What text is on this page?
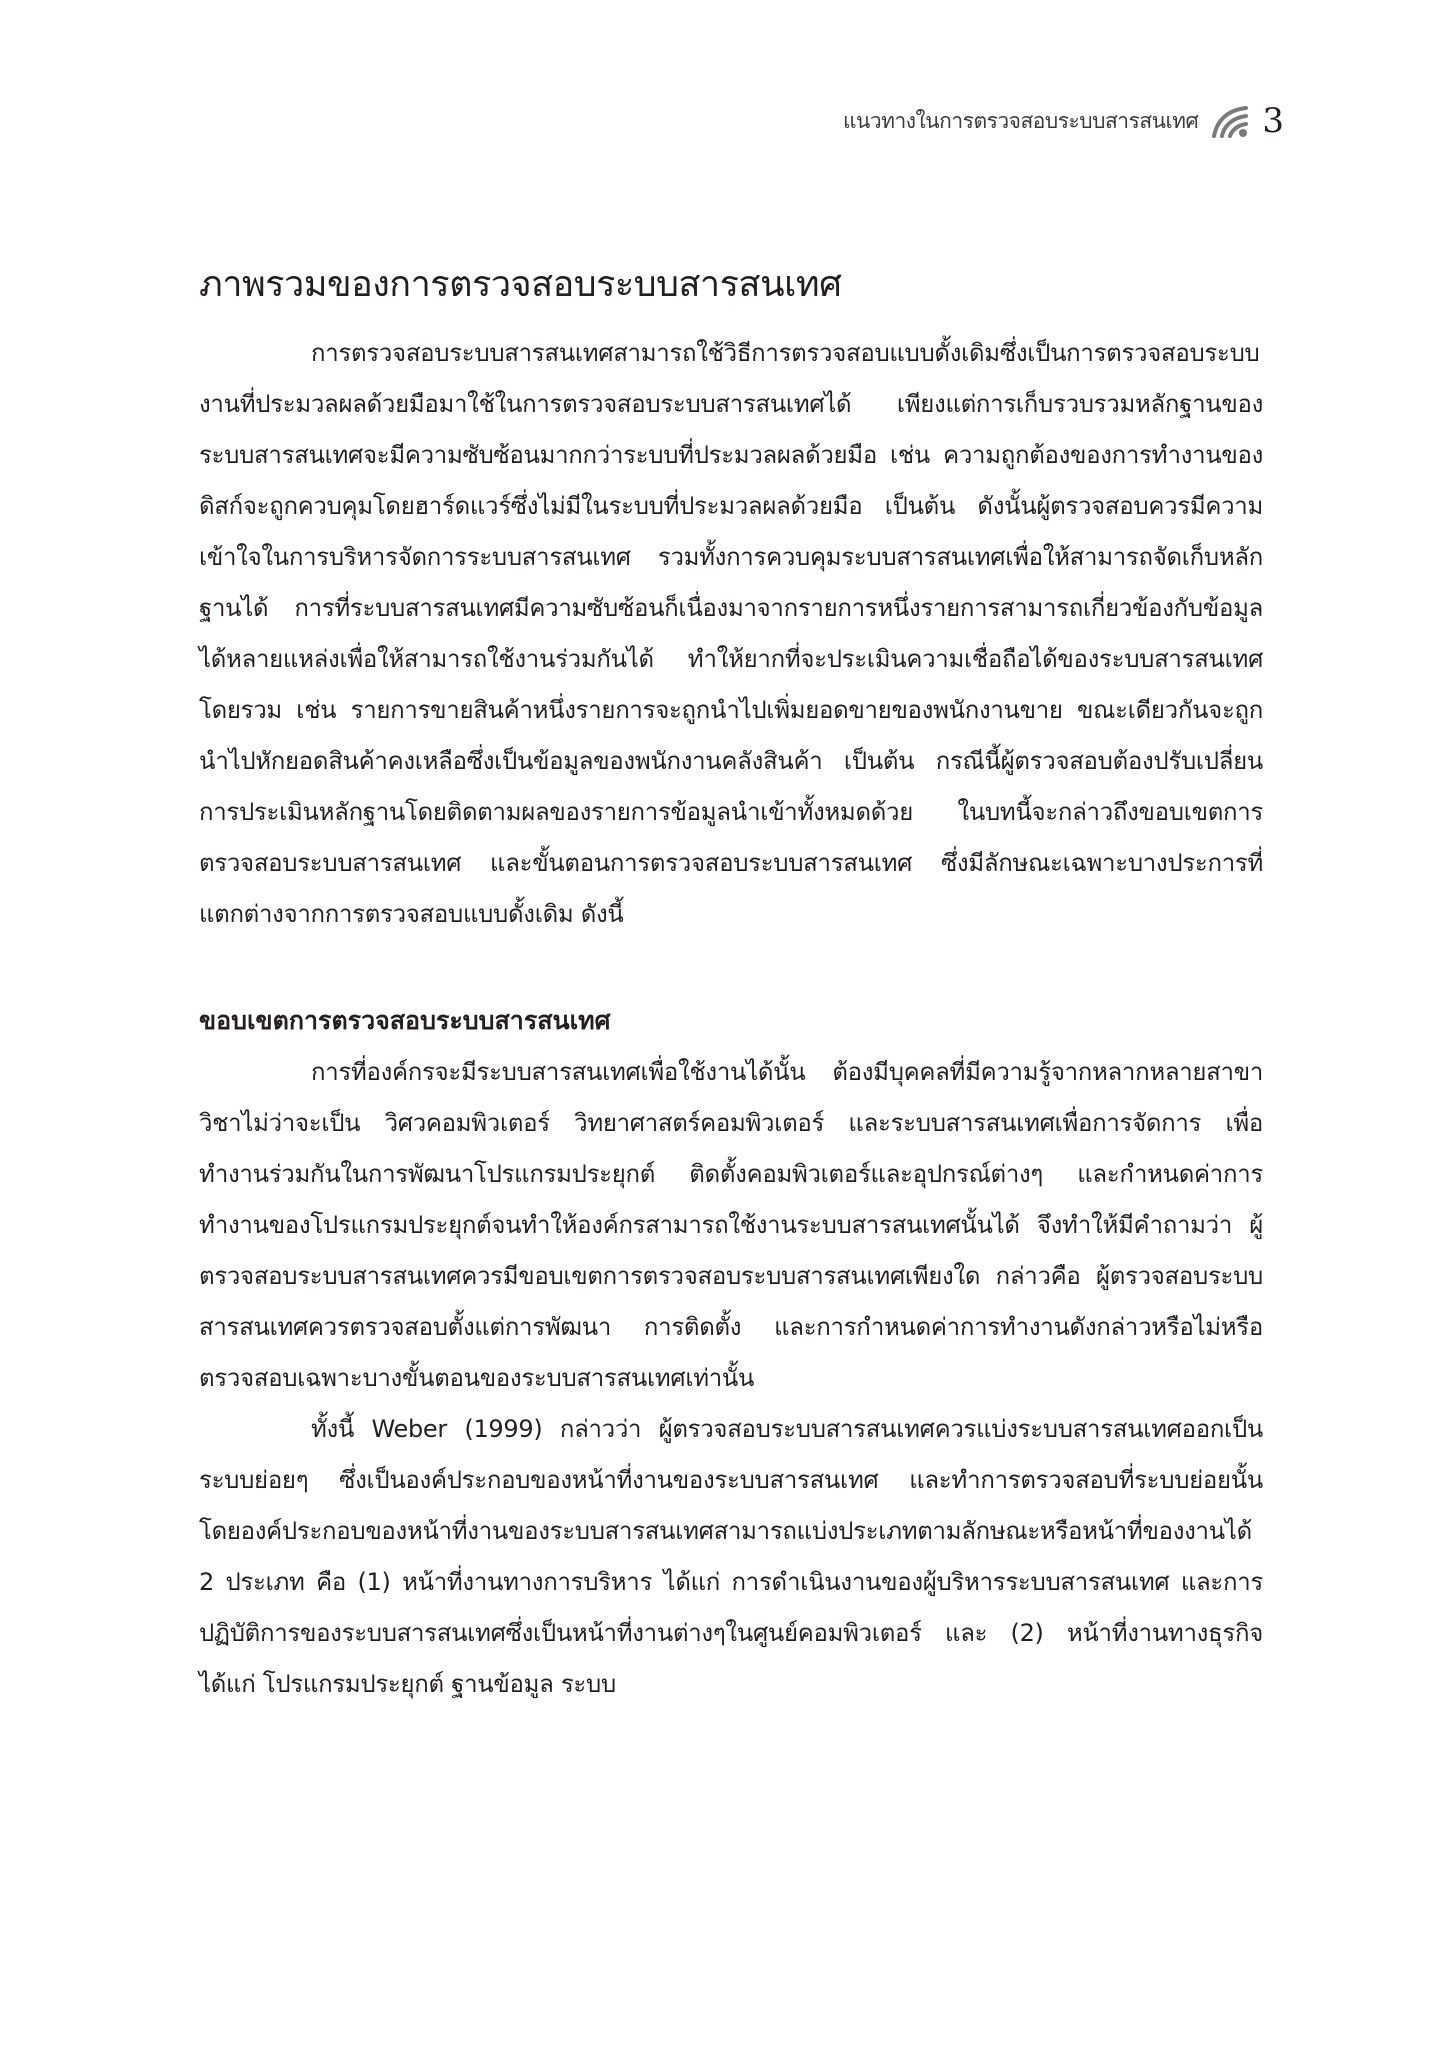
แนวทางในการตรวจสอบระบบสารสนเทศ 3
ภาพรวมของการตรวจสอบระบบสารสนเทศ

การตรวจสอบระบบสารสนเทศสามารถใช้วิธีการตรวจสอบแบบดั้งเดิมซึ่งเป็นการตรวจสอบระบบงานที่ประมวลผลด้วยมือมาใช้ในการตรวจสอบระบบสารสนเทศได้ เพียงแต่การเก็บรวบรวมหลักฐานของระบบสารสนเทศจะมีความซับซ้อนมากกว่าระบบที่ประมวลผลด้วยมือ เช่น ความถูกต้องของการทำงานของดิสก์จะถูกควบคุมโดยฮาร์ดแวร์ซึ่งไม่มีในระบบที่ประมวลผลด้วยมือ เป็นต้น ดังนั้นผู้ตรวจสอบควรมีความเข้าใจในการบริหารจัดการระบบสารสนเทศ รวมทั้งการควบคุมระบบสารสนเทศเพื่อให้สามารถจัดเก็บหลักฐานได้ การที่ระบบสารสนเทศมีความซับซ้อนก็เนื่องมาจากรายการหนึ่งรายการสามารถเกี่ยวข้องกับข้อมูลได้หลายแหล่งเพื่อให้สามารถใช้งานร่วมกันได้ ทำให้ยากที่จะประเมินความเชื่อถือได้ของระบบสารสนเทศโดยรวม เช่น รายการขายสินค้าหนึ่งรายการจะถูกนำไปเพิ่มยอดขายของพนักงานขาย ขณะเดียวกันจะถูกนำไปหักยอดสินค้าคงเหลือซึ่งเป็นข้อมูลของพนักงานคลังสินค้า เป็นต้น กรณีนี้ผู้ตรวจสอบต้องปรับเปลี่ยนการประเมินหลักฐานโดยติดตามผลของรายการข้อมูลนำเข้าทั้งหมดด้วย ในบทนี้จะกล่าวถึงขอบเขตการตรวจสอบระบบสารสนเทศ และขั้นตอนการตรวจสอบระบบสารสนเทศ ซึ่งมีลักษณะเฉพาะบางประการที่แตกต่างจากการตรวจสอบแบบดั้งเดิม ดังนี้

ขอบเขตการตรวจสอบระบบสารสนเทศ

การที่องค์กรจะมีระบบสารสนเทศเพื่อใช้งานได้นั้น ต้องมีบุคคลที่มีความรู้จากหลากหลายสาขาวิชาไม่ว่าจะเป็น วิศวคอมพิวเตอร์ วิทยาศาสตร์คอมพิวเตอร์ และระบบสารสนเทศเพื่อการจัดการ เพื่อทำงานร่วมกันในการพัฒนาโปรแกรมประยุกต์ ติดตั้งคอมพิวเตอร์และอุปกรณ์ต่างๆ และกำหนดค่าการทำงานของโปรแกรมประยุกต์จนทำให้องค์กรสามารถใช้งานระบบสารสนเทศนั้นได้ จึงทำให้มีคำถามว่า ผู้ตรวจสอบระบบสารสนเทศควรมีขอบเขตการตรวจสอบระบบสารสนเทศเพียงใด กล่าวคือ ผู้ตรวจสอบระบบสารสนเทศควรตรวจสอบตั้งแต่การพัฒนา การติดตั้ง และการกำหนดค่าการทำงานดังกล่าวหรือไม่หรือตรวจสอบเฉพาะบางขั้นตอนของระบบสารสนเทศเท่านั้น

ทั้งนี้ Weber (1999) กล่าวว่า ผู้ตรวจสอบระบบสารสนเทศควรแบ่งระบบสารสนเทศออกเป็นระบบย่อยๆ ซึ่งเป็นองค์ประกอบของหน้าที่งานของระบบสารสนเทศ และทำการตรวจสอบที่ระบบย่อยนั้น โดยองค์ประกอบของหน้าที่งานของระบบสารสนเทศสามารถแบ่งประเภทตามลักษณะหรือหน้าที่ของงานได้ 2 ประเภท คือ (1) หน้าที่งานทางการบริหาร ได้แก่ การดำเนินงานของผู้บริหารระบบสารสนเทศ และการปฏิบัติการของระบบสารสนเทศซึ่งเป็นหน้าที่งานต่างๆในศูนย์คอมพิวเตอร์ และ (2) หน้าที่งานทางธุรกิจ ได้แก่ โปรแกรมประยุกต์ ฐานข้อมูล ระบบ
